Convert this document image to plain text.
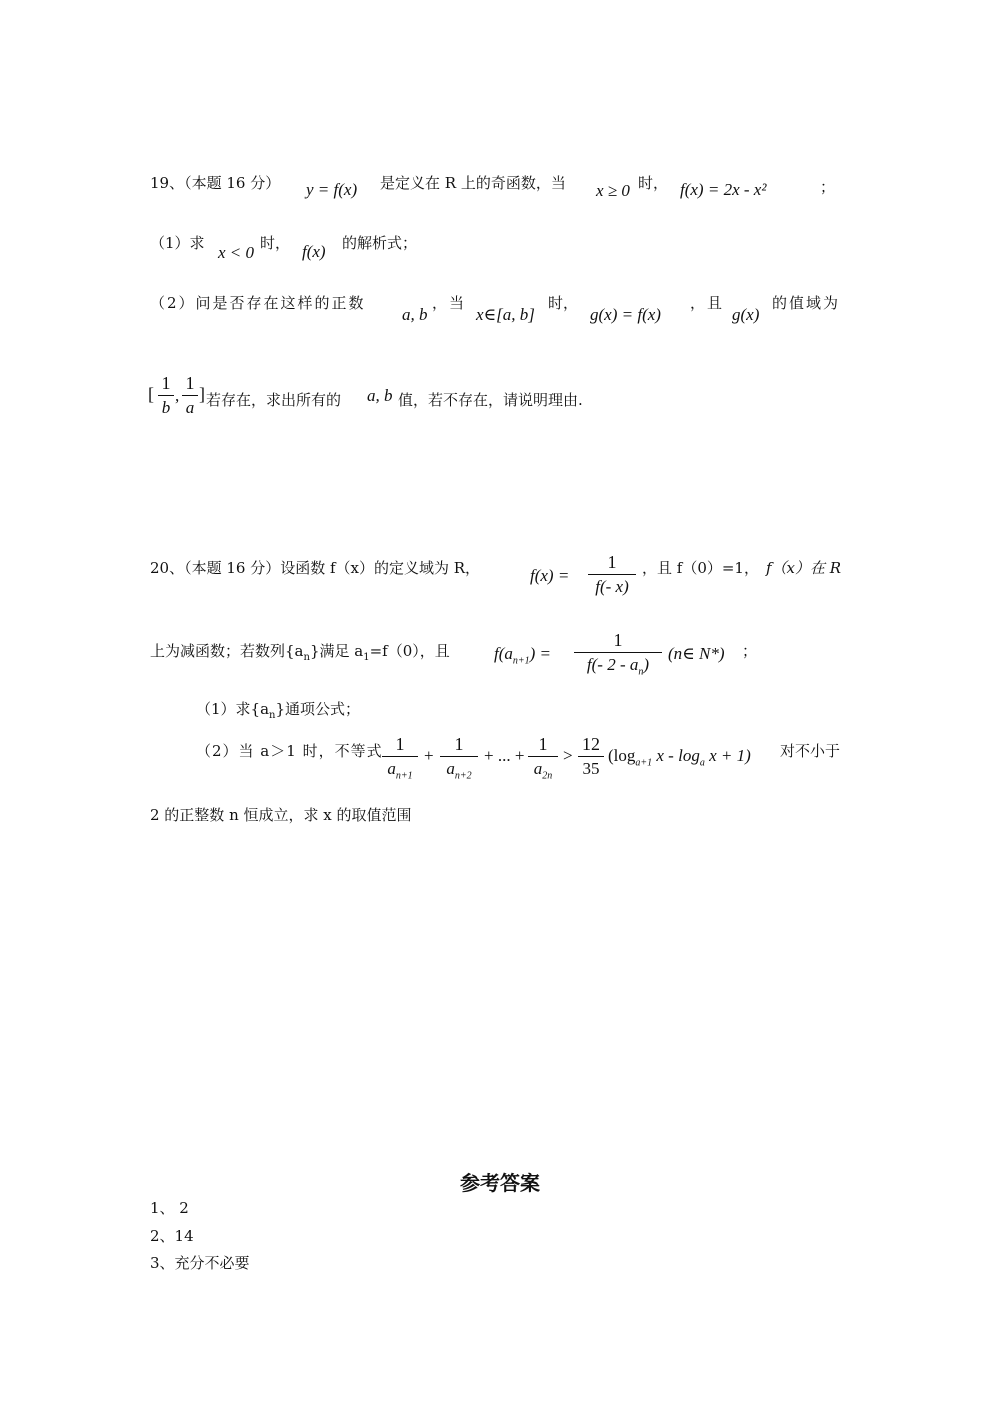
19、（本题 16 分） y = f(x) 是定义在 R 上的奇函数，当 x ≥ 0 时， f(x) = 2x - x²	；
（1）求 x < 0 时， f(x) 的解析式；
（2）问是否存在这样的正数
a, b
，当
x∈[a, b]
时，
g(x) = f(x)
，且
g(x)
的值域为
[
1
b
,
1
a
] 若存在，求出所有的 a, b 值，若不存在，请说明理由.
20、（本题 16 分）设函数 f（x）的定义域为 R，	f(x) =
1
f(- x)
，且 f（0）=1， f（x）在 R
上为减函数；若数列$\{a_n\}$满足 $a_1=f(0)$，且	$f(a_{n+1})$ =
1
f(- $2 - a_n$)
(n∈ N*) ；
（1）求$\{a_n\}$通项公式；
（2）当 a＞1 时，不等式 1
$a_{n+1}$
+
1
$a_{n+2}$
+ ... +
1
$a_{2n}$
>
12
35
($\log_{a+1}$ $x - \log_a x + 1$) 对不小于
2 的正整数 n 恒成立，求 x 的取值范围
参考答案
1、 2
2、14
3、充分不必要
